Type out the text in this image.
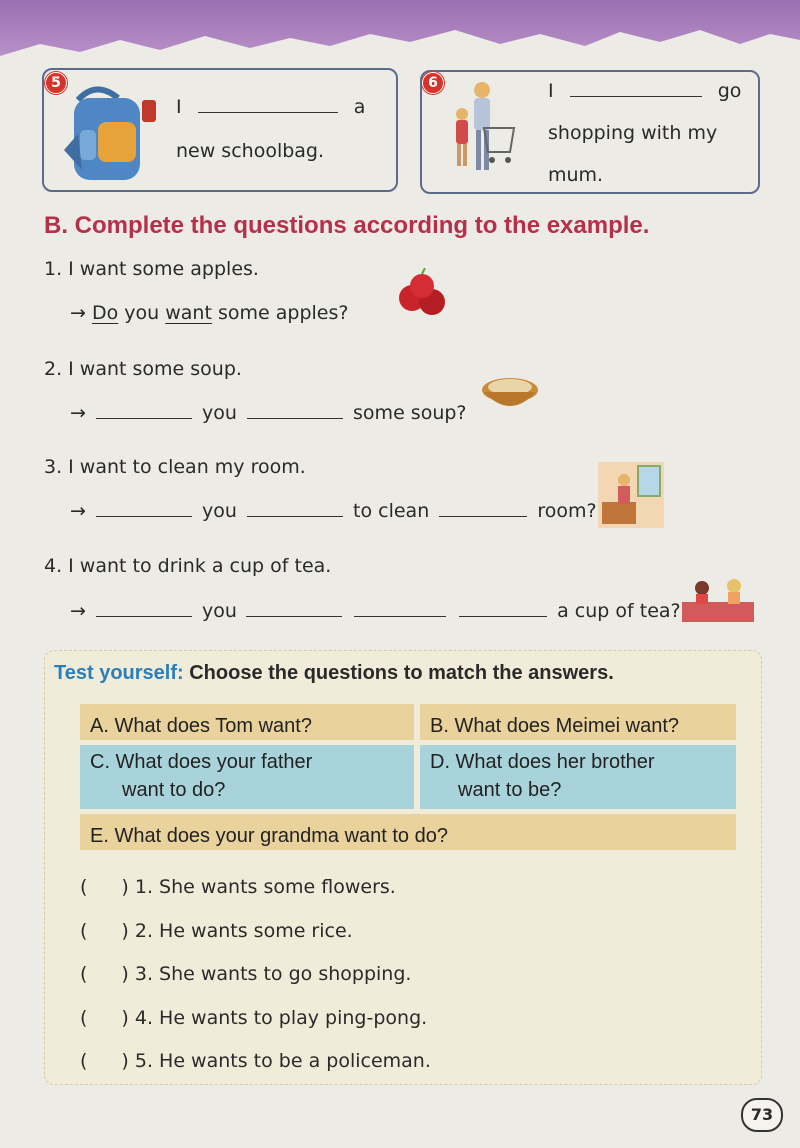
5
I	a
new schoolbag.
6	I	go
shopping with my
mum.
B. Complete the questions according to the example.
1. I want some apples.
→ Do you want some apples?
2. I want some soup.
→	you	some soup?
3. I want to clean my room.
→	you	to clean	room?
4. I want to drink a cup of tea.
→	you	a cup of tea?
Test yourself: Choose the questions to match the answers.
A. What does Tom want?	B. What does Meimei want?
C. What does your father
want to do?
D. What does her brother
want to be?
E. What does your grandma want to do?
( ) 1. She wants some flowers.
( ) 2. He wants some rice.
( ) 3. She wants to go shopping.
( ) 4. He wants to play ping-pong.
( ) 5. He wants to be a policeman.
73
